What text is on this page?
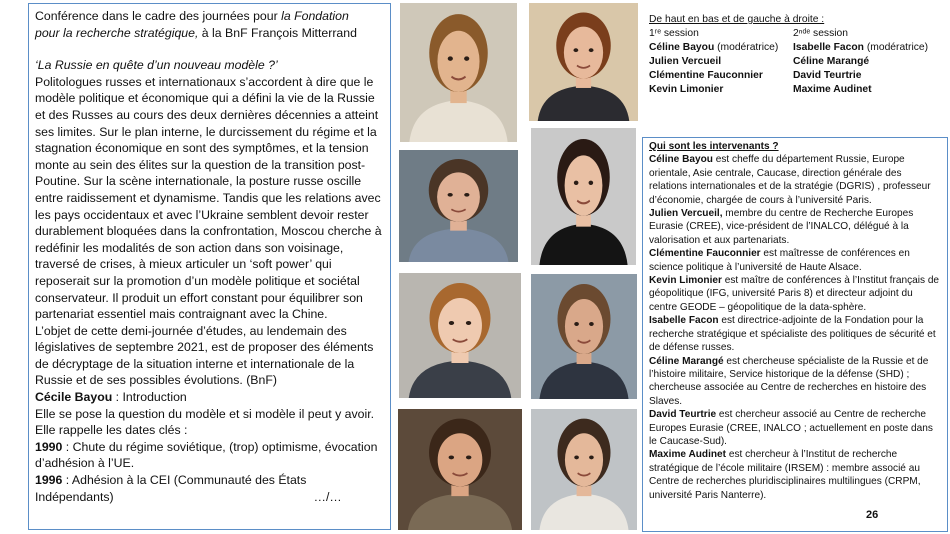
Conférence dans le cadre des journées pour la Fondation

pour la recherche stratégique, à la BnF François Mitterrand

‘La Russie en quête d’un nouveau modèle ?’

Politologues russes et internationaux s’accordent à dire que le modèle politique et économique qui a défini la vie de la Russie et des Russes au cours des deux dernières décennies a atteint ses limites. Sur le plan interne, le durcissement du régime et la stagnation économique en sont des symptômes, et la tension monte au sein des élites sur la question de la transition post-Poutine. Sur la scène internationale, la posture russe oscille entre raidissement et dynamisme. Tandis que les relations avec les pays occidentaux et avec l’Ukraine semblent devoir rester durablement bloquées dans la confrontation, Moscou cherche à redéfinir les modalités de son action dans son voisinage, traversé de crises, à mieux articuler un ‘soft power’ qui reposerait sur la promotion d’un modèle politique et sociétal conservateur. Il produit un effort constant pour équilibrer son partenariat essentiel mais contraignant avec la Chine.

L’objet de cette demi-journée d’études, au lendemain des législatives de septembre 2021, est de proposer des éléments de décryptage de la situation interne et internationale de la Russie et de ses possibles évolutions. (BnF)

Cécile Bayou : Introduction

Elle se pose la question du modèle et si modèle il peut y avoir.

Elle rappelle les dates clés :

1990 : Chute du régime soviétique, (trop) optimisme, évocation d’adhésion à l’UE.

1996 : Adhésion à la CEI (Communauté des États

Indépendants)	…/…

De haut en bas et de gauche à droite :
1ʳᵉ session	2ⁿᵈᵉ session
Céline Bayou (modératrice)	Isabelle Facon (modératrice)
Julien Vercueil	Céline Marangé
Clémentine Fauconnier	David Teurtrie
Kevin Limonier	Maxime Audinet

Qui sont les intervenants ?

Céline Bayou est cheffe du département Russie, Europe orientale, Asie centrale, Caucase, direction générale des relations internationales et de la stratégie (DGRIS) , professeur d’économie, chargée de cours à l’université Paris.

Julien Vercueil, membre du centre de Recherche Europes Eurasie (CREE), vice-président de l’INALCO, délégué à la valorisation et aux partenariats.

Clémentine Fauconnier est maîtresse de conférences en science politique à l’université de Haute Alsace.

Kevin Limonier est maître de conférences à l’Institut français de géopolitique (IFG, université Paris 8) et directeur adjoint du centre GEODE – géopolitique de la data-sphère.

Isabelle Facon est directrice-adjointe de la Fondation pour la recherche stratégique et spécialiste des politiques de sécurité et de défense russes.

Céline Marangé est chercheuse spécialiste de la Russie et de l’histoire militaire, Service historique de la défense (SHD) ; chercheuse associée au Centre de recherches en histoire des Slaves.

David Teurtrie est chercheur associé au Centre de recherche Europes Eurasie (CREE, INALCO ; actuellement en poste dans le Caucase-Sud).

Maxime Audinet est chercheur à l’Institut de recherche stratégique de l’école militaire (IRSEM) : membre associé au Centre de recherches pluridisciplinaires multilingues (CRPM, université Paris Nanterre).

26
